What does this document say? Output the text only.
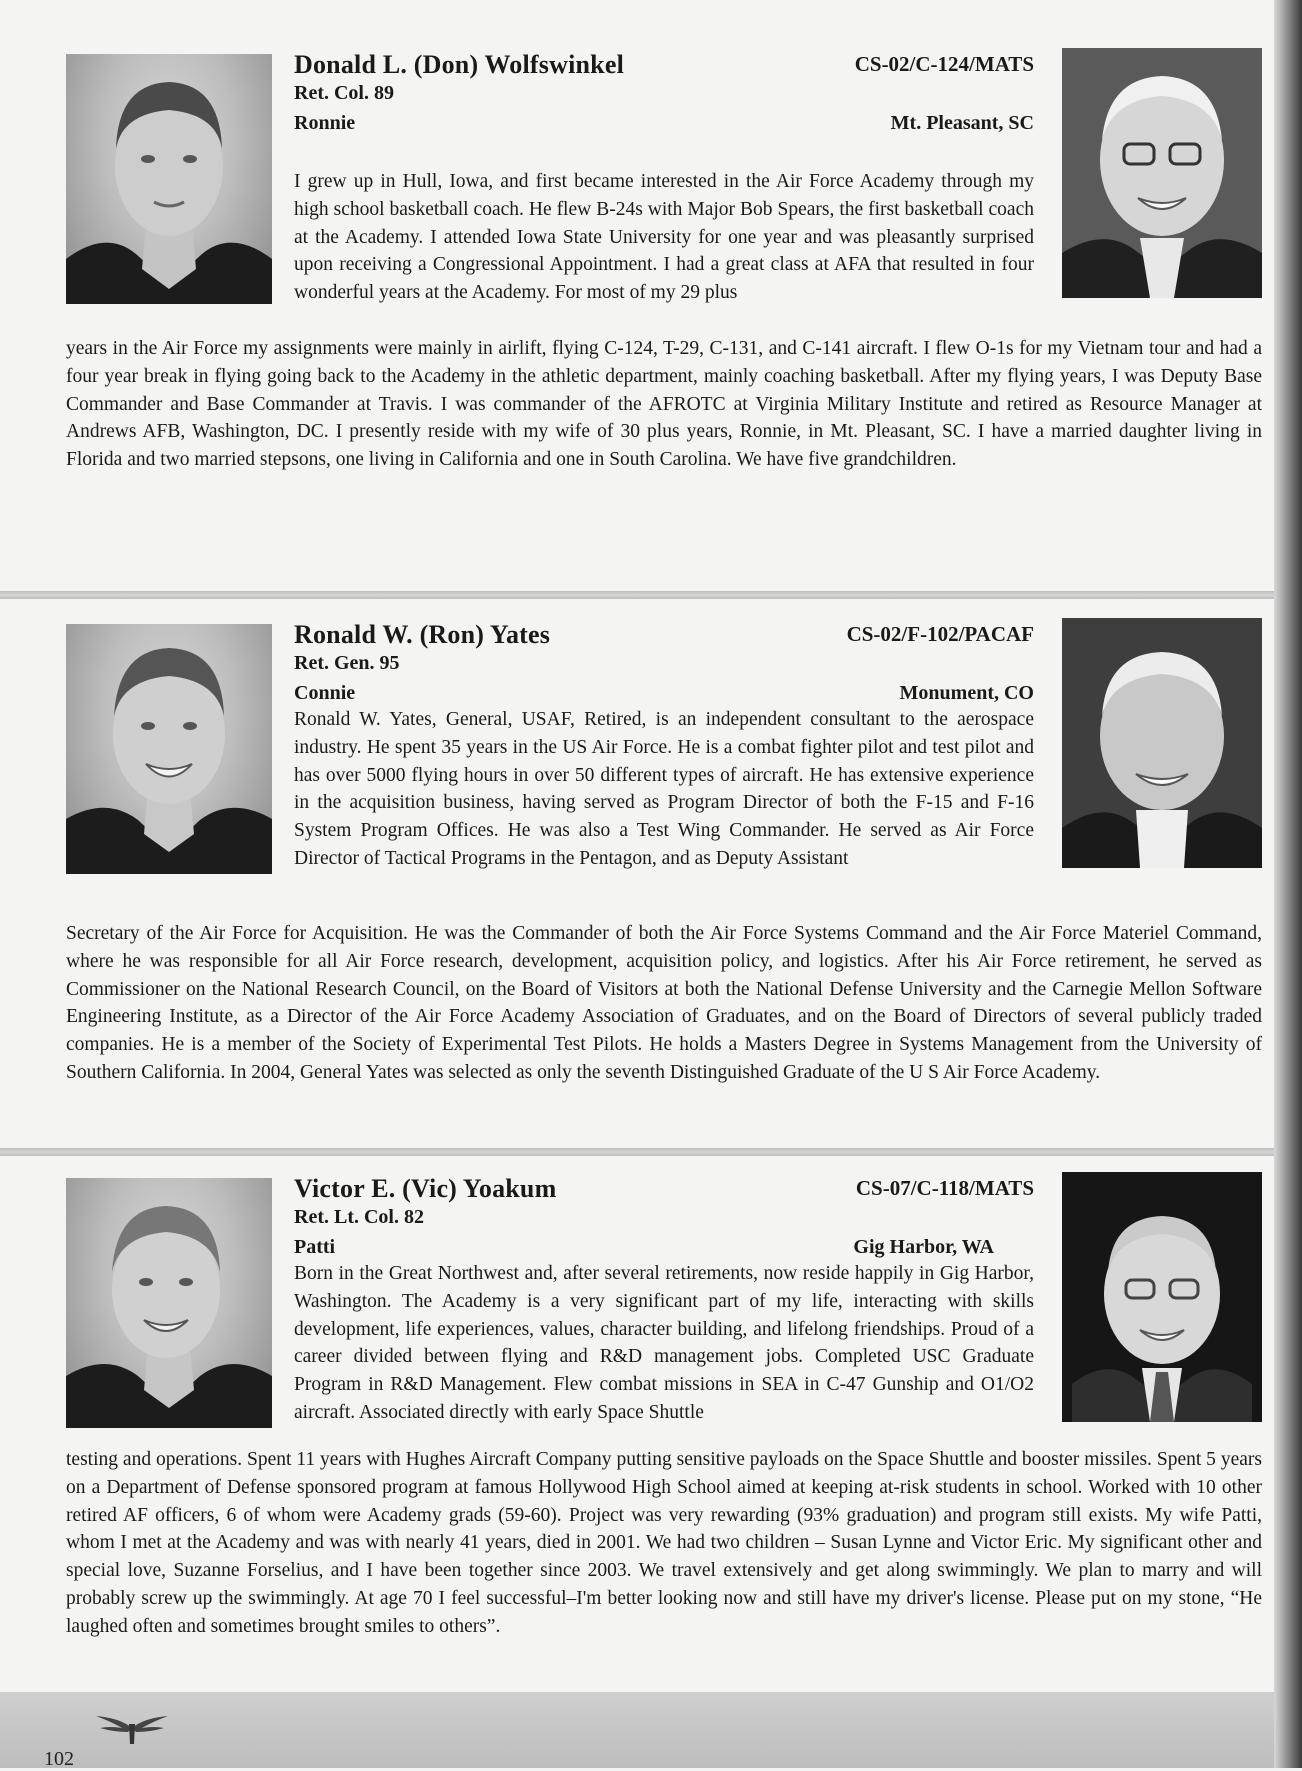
Donald L. (Don) Wolfswinkel	CS-02/C-124/MATS
Ret. Col. 89
Ronnie	Mt. Pleasant, SC

I grew up in Hull, Iowa, and first became interested in the Air Force Academy through my high school basketball coach. He flew B-24s with Major Bob Spears, the first basketball coach at the Academy. I attended Iowa State University for one year and was pleasantly surprised upon receiving a Congressional Appointment. I had a great class at AFA that resulted in four wonderful years at the Academy. For most of my 29 plus

years in the Air Force my assignments were mainly in airlift, flying C-124, T-29, C-131, and C-141 aircraft. I flew O-1s for my Vietnam tour and had a four year break in flying going back to the Academy in the athletic department, mainly coaching basketball. After my flying years, I was Deputy Base Commander and Base Commander at Travis. I was commander of the AFROTC at Virginia Military Institute and retired as Resource Manager at Andrews AFB, Washington, DC. I presently reside with my wife of 30 plus years, Ronnie, in Mt. Pleasant, SC. I have a married daughter living in Florida and two married stepsons, one living in California and one in South Carolina. We have five grandchildren.

Ronald W. (Ron) Yates	CS-02/F-102/PACAF
Ret. Gen. 95
Connie	Monument, CO

Ronald W. Yates, General, USAF, Retired, is an independent consultant to the aerospace industry. He spent 35 years in the US Air Force. He is a combat fighter pilot and test pilot and has over 5000 flying hours in over 50 different types of aircraft. He has extensive experience in the acquisition business, having served as Program Director of both the F-15 and F-16 System Program Offices. He was also a Test Wing Commander. He served as Air Force Director of Tactical Programs in the Pentagon, and as Deputy Assistant

Secretary of the Air Force for Acquisition. He was the Commander of both the Air Force Systems Command and the Air Force Materiel Command, where he was responsible for all Air Force research, development, acquisition policy, and logistics. After his Air Force retirement, he served as Commissioner on the National Research Council, on the Board of Visitors at both the National Defense University and the Carnegie Mellon Software Engineering Institute, as a Director of the Air Force Academy Association of Graduates, and on the Board of Directors of several publicly traded companies. He is a member of the Society of Experimental Test Pilots. He holds a Masters Degree in Systems Management from the University of Southern California. In 2004, General Yates was selected as only the seventh Distinguished Graduate of the U S Air Force Academy.

Victor E. (Vic) Yoakum	CS-07/C-118/MATS
Ret. Lt. Col. 82
Patti	Gig Harbor, WA

Born in the Great Northwest and, after several retirements, now reside happily in Gig Harbor, Washington. The Academy is a very significant part of my life, interacting with skills development, life experiences, values, character building, and lifelong friendships. Proud of a career divided between flying and R&D management jobs. Completed USC Graduate Program in R&D Management. Flew combat missions in SEA in C-47 Gunship and O1/O2 aircraft. Associated directly with early Space Shuttle

testing and operations. Spent 11 years with Hughes Aircraft Company putting sensitive payloads on the Space Shuttle and booster missiles. Spent 5 years on a Department of Defense sponsored program at famous Hollywood High School aimed at keeping at-risk students in school. Worked with 10 other retired AF officers, 6 of whom were Academy grads (59-60). Project was very rewarding (93% graduation) and program still exists. My wife Patti, whom I met at the Academy and was with nearly 41 years, died in 2001. We had two children – Susan Lynne and Victor Eric. My significant other and special love, Suzanne Forselius, and I have been together since 2003. We travel extensively and get along swimmingly. We plan to marry and will probably screw up the swimmingly. At age 70 I feel successful–I'm better looking now and still have my driver's license. Please put on my stone, “He laughed often and sometimes brought smiles to others”.

102
